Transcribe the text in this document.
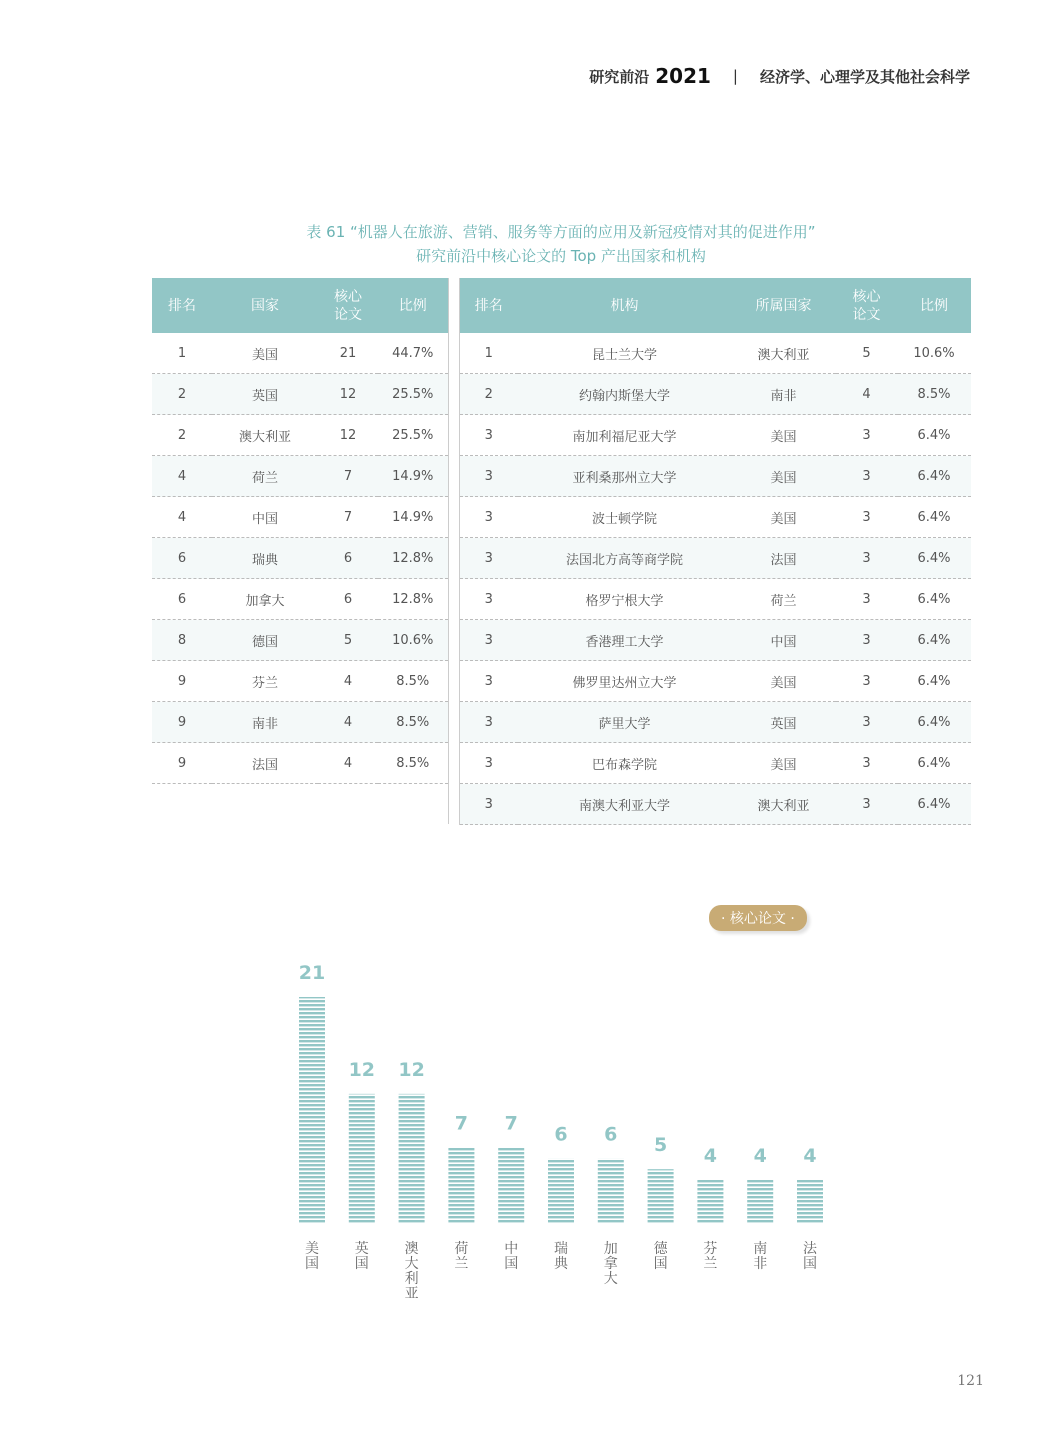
研究前沿 2021 | 经济学、心理学及其他社会科学
表 61 “机器人在旅游、营销、服务等方面的应用及新冠疫情对其的促进作用”
研究前沿中核心论文的 Top 产出国家和机构
排名	国家	核心论文	比例
1	美国	21	44.7%
2	英国	12	25.5%
2	澳大利亚	12	25.5%
4	荷兰	7	14.9%
4	中国	7	14.9%
6	瑞典	6	12.8%
6	加拿大	6	12.8%
8	德国	5	10.6%
9	芬兰	4	8.5%
9	南非	4	8.5%
9	法国	4	8.5%

排名	机构	所属国家	核心论文	比例
1	昆士兰大学	澳大利亚	5	10.6%
2	约翰内斯堡大学	南非	4	8.5%
3	南加利福尼亚大学	美国	3	6.4%
3	亚利桑那州立大学	美国	3	6.4%
3	波士顿学院	美国	3	6.4%
3	法国北方高等商学院	法国	3	6.4%
3	格罗宁根大学	荷兰	3	6.4%
3	香港理工大学	中国	3	6.4%
3	佛罗里达州立大学	美国	3	6.4%
3	萨里大学	英国	3	6.4%
3	巴布森学院	美国	3	6.4%
3	南澳大利亚大学	澳大利亚	3	6.4%
· 核心论文 ·
21
美国
12
英国
12
澳大利亚
7
荷兰
7
中国
6
瑞典
6
加拿大
5
德国
4
芬兰
4
南非
4
法国
121
